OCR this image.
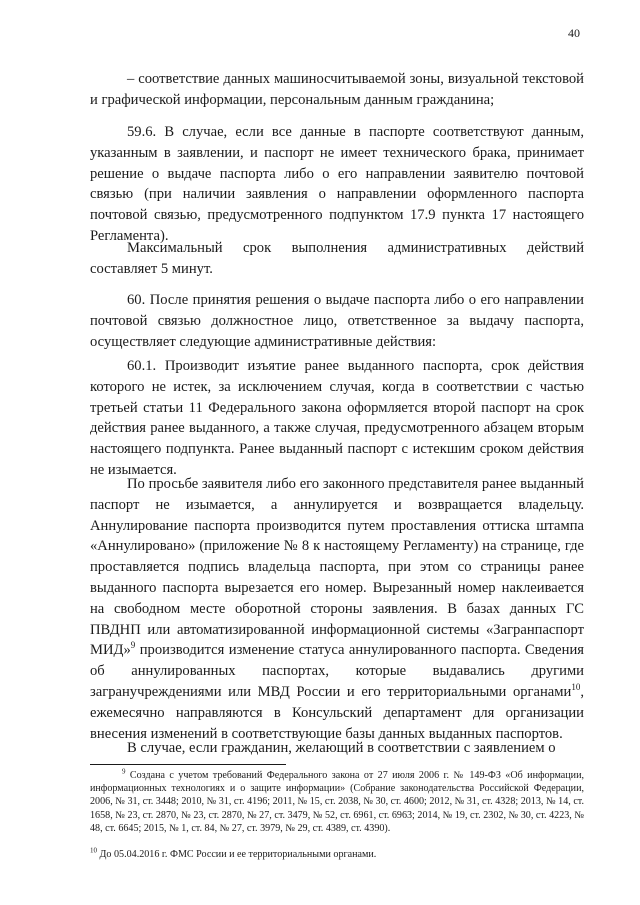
40

– соответствие данных машиносчитываемой зоны, визуальной текстовой и графической информации, персональным данным гражданина;

59.6. В случае, если все данные в паспорте соответствуют данным, указанным в заявлении, и паспорт не имеет технического брака, принимает решение о выдаче паспорта либо о его направлении заявителю почтовой связью (при наличии заявления о направлении оформленного паспорта почтовой связью, предусмотренного подпунктом 17.9 пункта 17 настоящего Регламента).

Максимальный срок выполнения административных действий составляет 5 минут.

60. После принятия решения о выдаче паспорта либо о его направлении почтовой связью должностное лицо, ответственное за выдачу паспорта, осуществляет следующие административные действия:

60.1. Производит изъятие ранее выданного паспорта, срок действия которого не истек, за исключением случая, когда в соответствии с частью третьей статьи 11 Федерального закона оформляется второй паспорт на срок действия ранее выданного, а также случая, предусмотренного абзацем вторым настоящего подпункта. Ранее выданный паспорт с истекшим сроком действия не изымается.

По просьбе заявителя либо его законного представителя ранее выданный паспорт не изымается, а аннулируется и возвращается владельцу. Аннулирование паспорта производится путем проставления оттиска штампа «Аннулировано» (приложение № 8 к настоящему Регламенту) на странице, где проставляется подпись владельца паспорта, при этом со страницы ранее выданного паспорта вырезается его номер. Вырезанный номер наклеивается на свободном месте оборотной стороны заявления. В базах данных ГС ПВДНП или автоматизированной информационной системы «Загранпаспорт МИД»$^9$ производится изменение статуса аннулированного паспорта. Сведения об аннулированных паспортах, которые выдавались другими загранучреждениями или МВД России и его территориальными органами$^{10}$, ежемесячно направляются в Консульский департамент для организации внесения изменений в соответствующие базы данных выданных паспортов.

В случае, если гражданин, желающий в соответствии с заявлением о

$^9$ Создана с учетом требований Федерального закона от 27 июля 2006 г. № 149-ФЗ «Об информации, информационных технологиях и о защите информации» (Собрание законодательства Российской Федерации, 2006, № 31, ст. 3448; 2010, № 31, ст. 4196; 2011, № 15, ст. 2038, № 30, ст. 4600; 2012, № 31, ст. 4328; 2013, № 14, ст. 1658, № 23, ст. 2870, № 23, ст. 2870, № 27, ст. 3479, № 52, ст. 6961, ст. 6963; 2014, № 19, ст. 2302, № 30, ст. 4223, № 48, ст. 6645; 2015, № 1, ст. 84, № 27, ст. 3979, № 29, ст. 4389, ст. 4390).
$^{10}$ До 05.04.2016 г. ФМС России и ее территориальными органами.
